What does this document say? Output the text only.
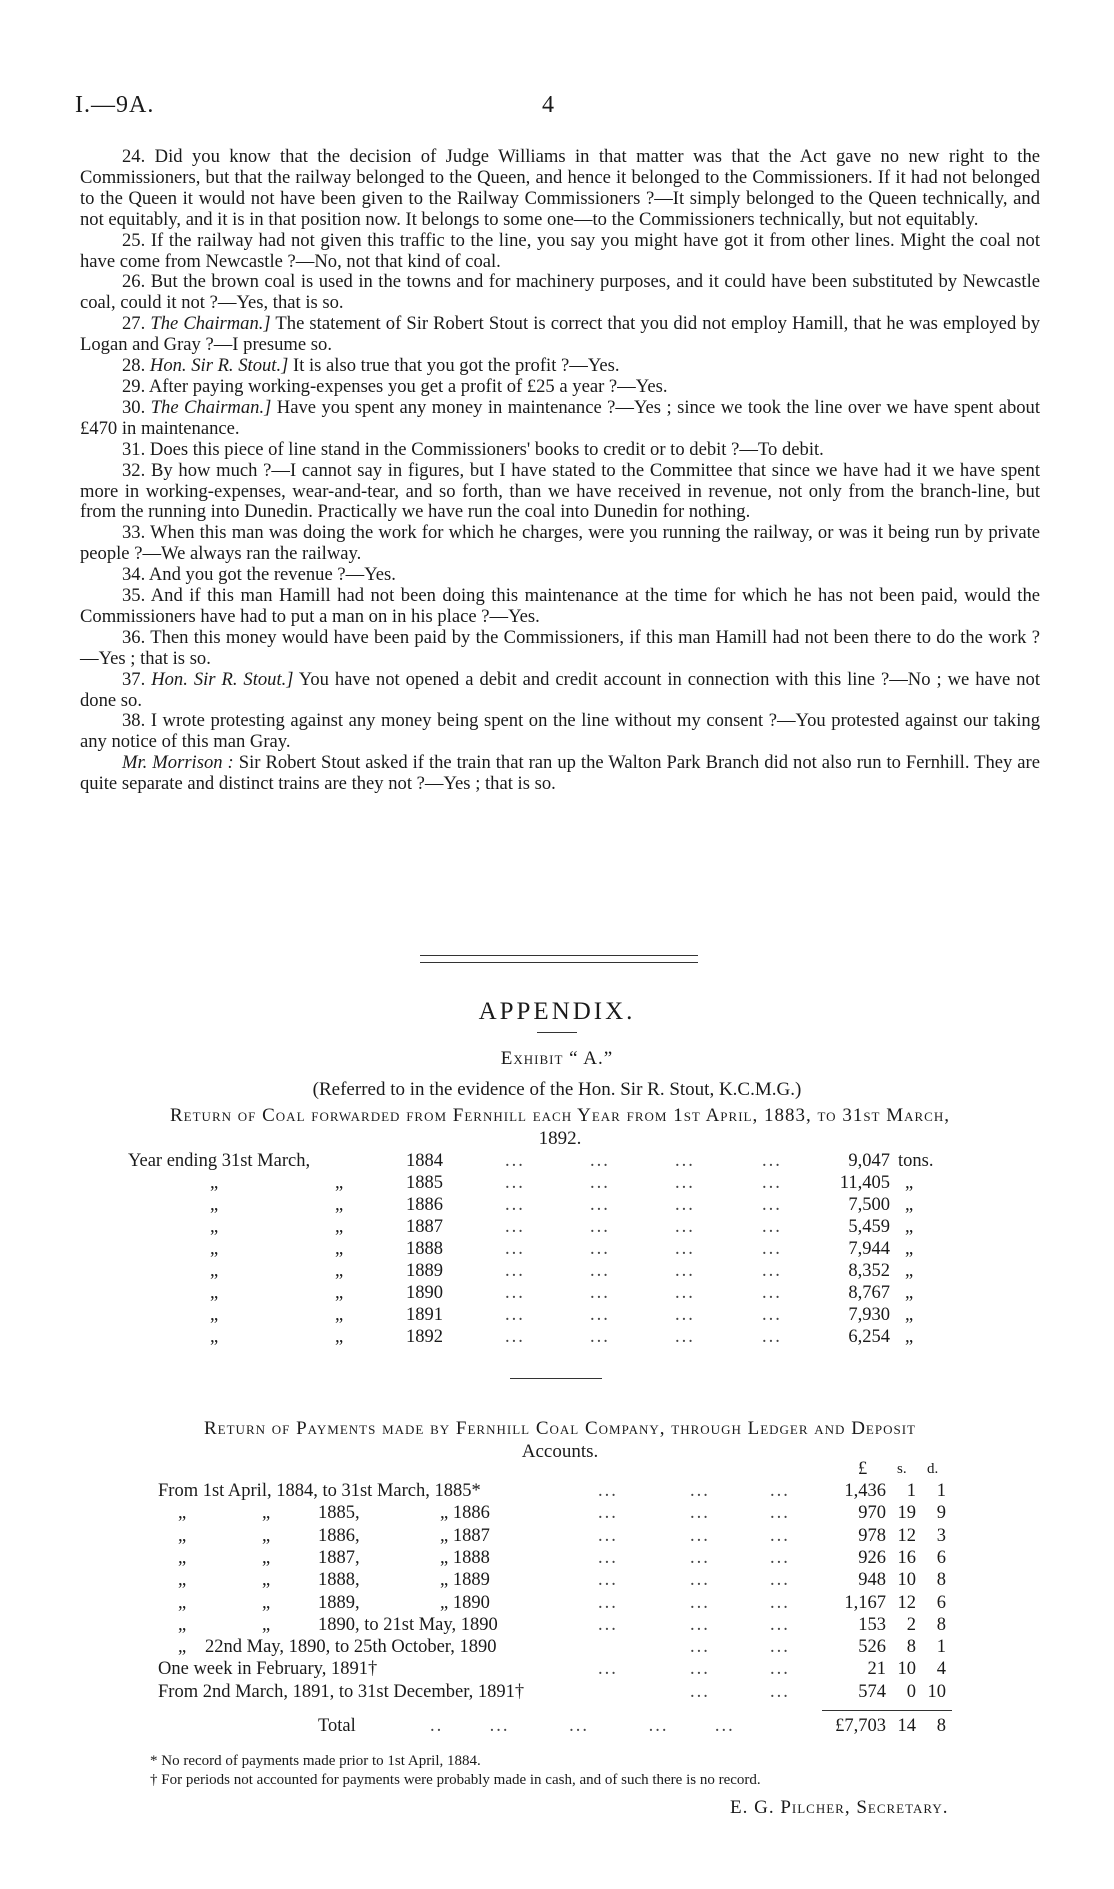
I.—9A.	4

24. Did you know that the decision of Judge Williams in that matter was that the Act gave no new right to the Commissioners, but that the railway belonged to the Queen, and hence it belonged to the Commissioners. If it had not belonged to the Queen it would not have been given to the Railway Commissioners ?—It simply belonged to the Queen technically, and not equitably, and it is in that position now. It belongs to some one—to the Commissioners technically, but not equitably.

25. If the railway had not given this traffic to the line, you say you might have got it from other lines. Might the coal not have come from Newcastle ?—No, not that kind of coal.

26. But the brown coal is used in the towns and for machinery purposes, and it could have been substituted by Newcastle coal, could it not ?—Yes, that is so.

27. The Chairman.] The statement of Sir Robert Stout is correct that you did not employ Hamill, that he was employed by Logan and Gray ?—I presume so.

28. Hon. Sir R. Stout.] It is also true that you got the profit ?—Yes.

29. After paying working-expenses you get a profit of £25 a year ?—Yes.

30. The Chairman.] Have you spent any money in maintenance ?—Yes ; since we took the line over we have spent about £470 in maintenance.

31. Does this piece of line stand in the Commissioners' books to credit or to debit ?—To debit.

32. By how much ?—I cannot say in figures, but I have stated to the Committee that since we have had it we have spent more in working-expenses, wear-and-tear, and so forth, than we have received in revenue, not only from the branch-line, but from the running into Dunedin. Practically we have run the coal into Dunedin for nothing.

33. When this man was doing the work for which he charges, were you running the railway, or was it being run by private people ?—We always ran the railway.

34. And you got the revenue ?—Yes.

35. And if this man Hamill had not been doing this maintenance at the time for which he has not been paid, would the Commissioners have had to put a man on in his place ?—Yes.

36. Then this money would have been paid by the Commissioners, if this man Hamill had not been there to do the work ?—Yes ; that is so.

37. Hon. Sir R. Stout.] You have not opened a debit and credit account in connection with this line ?—No ; we have not done so.

38. I wrote protesting against any money being spent on the line without my consent ?—You protested against our taking any notice of this man Gray.

Mr. Morrison : Sir Robert Stout asked if the train that ran up the Walton Park Branch did not also run to Fernhill. They are quite separate and distinct trains are they not ?—Yes ; that is so.

APPENDIX.
Exhibit “ A.”
(Referred to in the evidence of the Hon. Sir R. Stout, K.C.M.G.)
Return of Coal forwarded from Fernhill each Year from 1st April, 1883, to 31st March,
1892.
Year ending 31st March,	1884	...	...	...	...	9,047 tons.
„	„	1885	...	...	...	...	11,405 „
„	„	1886	...	...	...	...	7,500 „
„	„	1887	...	...	...	...	5,459 „
„	„	1888	...	...	...	...	7,944 „
„	„	1889	...	...	...	...	8,352 „
„	„	1890	...	...	...	...	8,767 „
„	„	1891	...	...	...	...	7,930 „
„	„	1892	...	...	...	...	6,254 „
Return of Payments made by Fernhill Coal Company, through Ledger and Deposit
Accounts.
£ s. d.
From 1st April, 1884, to 31st March, 1885*	...	...	...	1,436	1	1
„	„	1885,	„ 1886	...	...	...	970 19	9
„	„	1886,	„ 1887	...	...	...	978 12	3
„	„	1887,	„ 1888	...	...	...	926 16	6
„	„	1888,	„ 1889	...	...	...	948 10	8
„	„	1889,	„ 1890	...	...	...	1,167 12	6
„	„	1890, to 21st May, 1890	...	...	...	153	2	8
„ 22nd May, 1890, to 25th October, 1890	...	...	526	8	1
One week in February, 1891†	...	...	...	21 10	4
From 2nd March, 1891, to 31st December, 1891†	...	...	574	0 10
Total	..       ...         ...         ...       ...	£7,703 14	8
* No record of payments made prior to 1st April, 1884.
† For periods not accounted for payments were probably made in cash, and of such there is no record.
E. G. Pilcher, Secretary.
